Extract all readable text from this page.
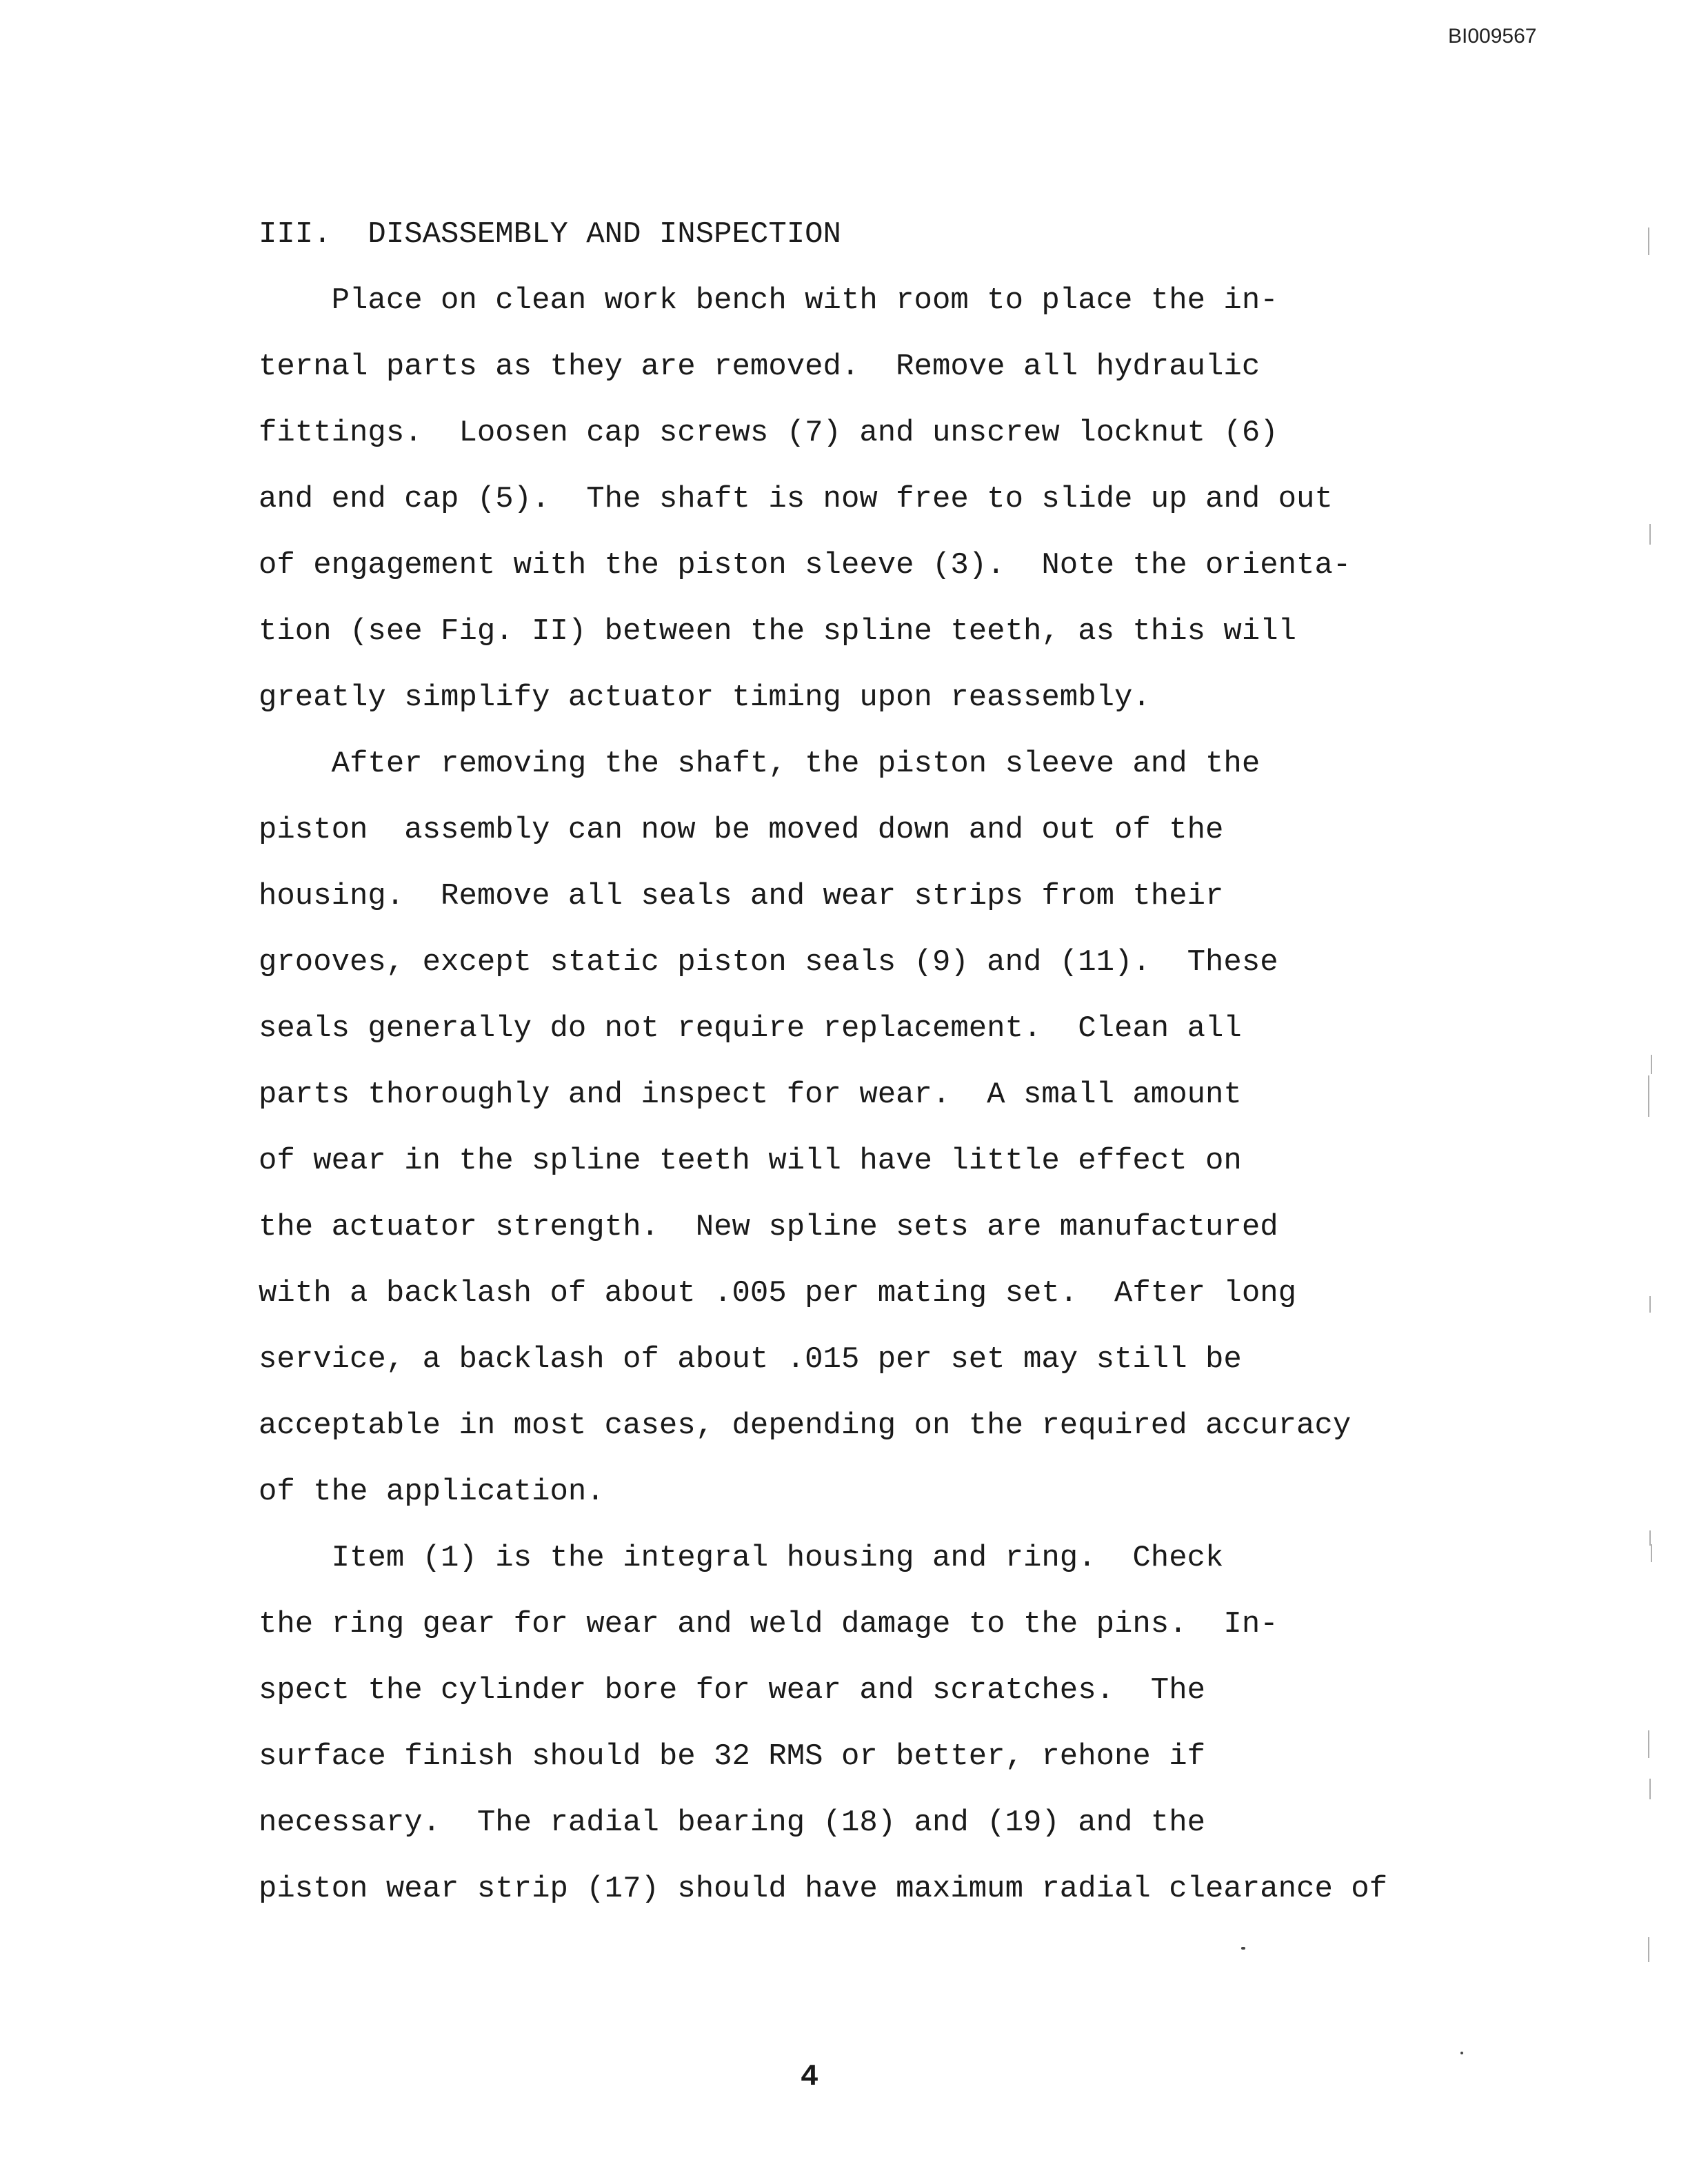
BI009567
III.  DISASSEMBLY AND INSPECTION
Place on clean work bench with room to place the in-
ternal parts as they are removed.  Remove all hydraulic
fittings.  Loosen cap screws (7) and unscrew locknut (6)
and end cap (5).  The shaft is now free to slide up and out
of engagement with the piston sleeve (3).  Note the orienta-
tion (see Fig. II) between the spline teeth, as this will
greatly simplify actuator timing upon reassembly.
After removing the shaft, the piston sleeve and the
piston  assembly can now be moved down and out of the
housing.  Remove all seals and wear strips from their
grooves, except static piston seals (9) and (11).  These
seals generally do not require replacement.  Clean all
parts thoroughly and inspect for wear.  A small amount
of wear in the spline teeth will have little effect on
the actuator strength.  New spline sets are manufactured
with a backlash of about .005 per mating set.  After long
service, a backlash of about .015 per set may still be
acceptable in most cases, depending on the required accuracy
of the application.
Item (1) is the integral housing and ring.  Check
the ring gear for wear and weld damage to the pins.  In-
spect the cylinder bore for wear and scratches.  The
surface finish should be 32 RMS or better, rehone if
necessary.  The radial bearing (18) and (19) and the
piston wear strip (17) should have maximum radial clearance of
4
